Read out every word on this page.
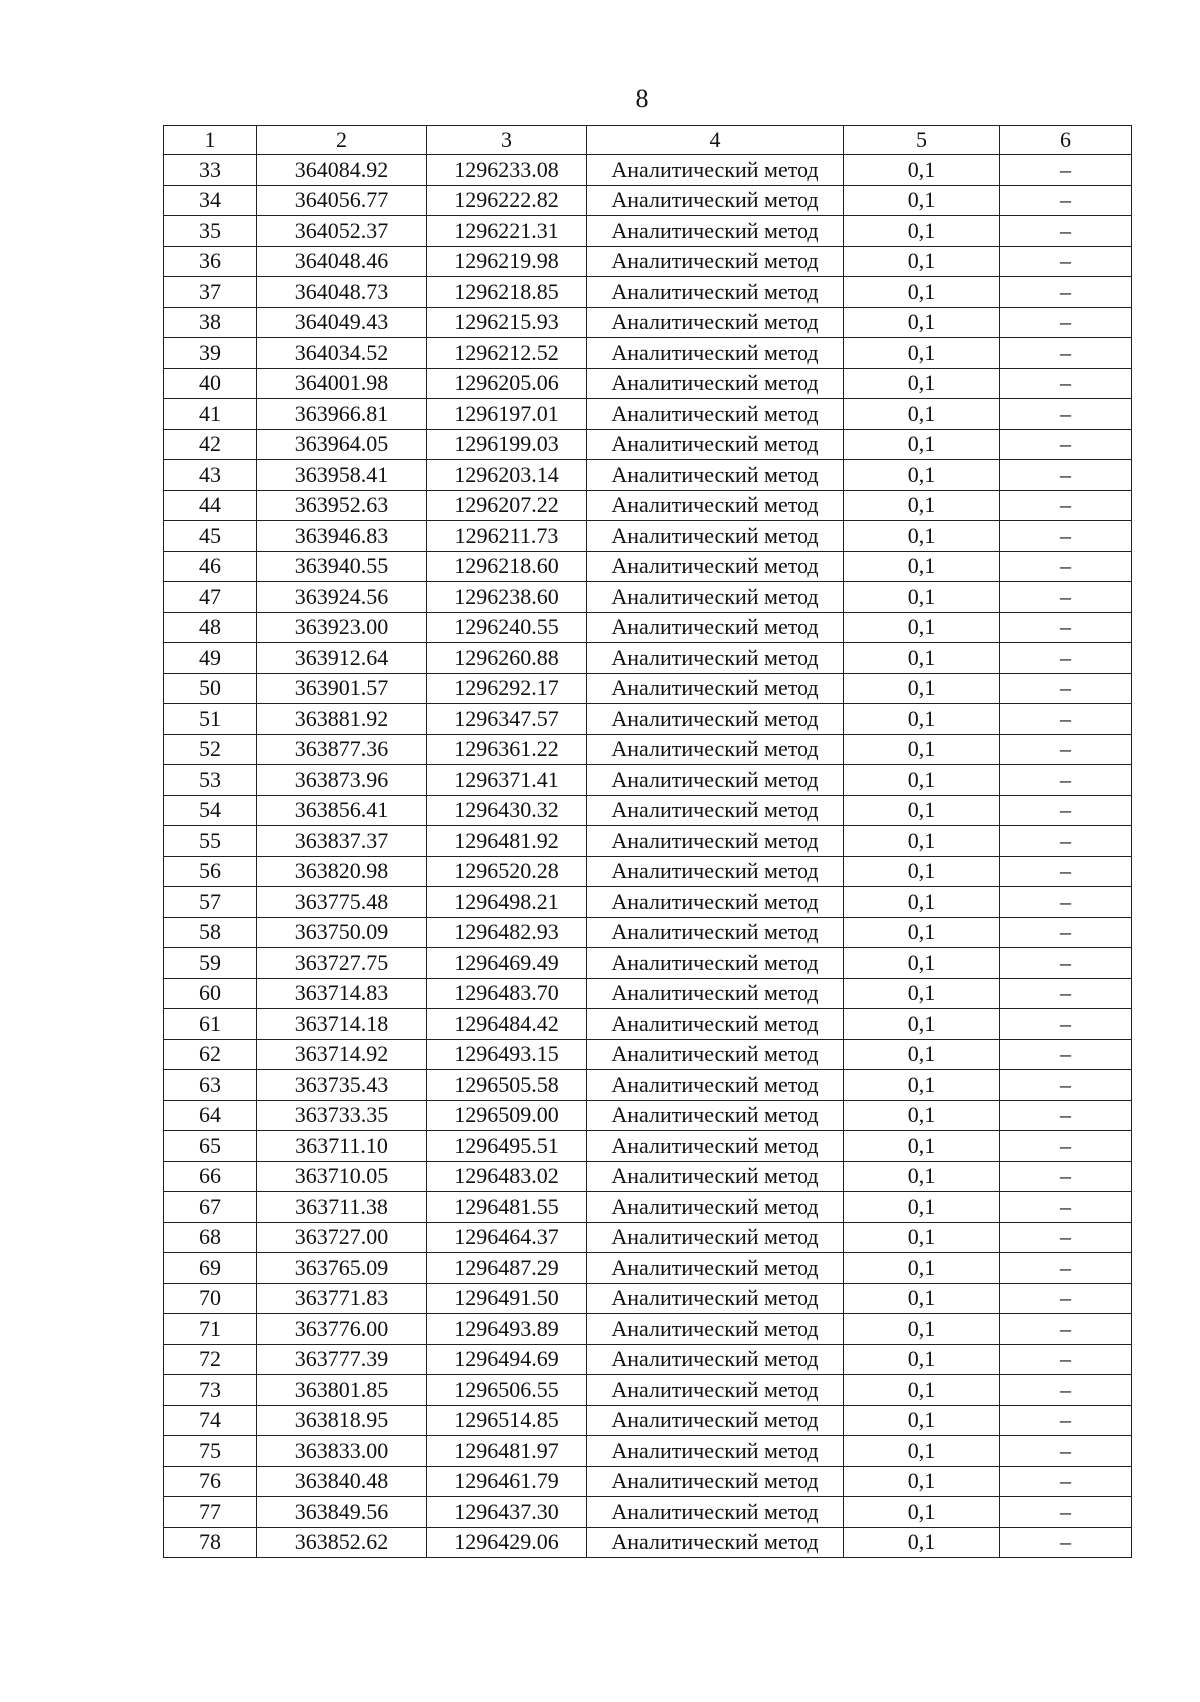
8
1	2	3	4	5	6
33	364084.92	1296233.08	Аналитический метод	0,1	–
34	364056.77	1296222.82	Аналитический метод	0,1	–
35	364052.37	1296221.31	Аналитический метод	0,1	–
36	364048.46	1296219.98	Аналитический метод	0,1	–
37	364048.73	1296218.85	Аналитический метод	0,1	–
38	364049.43	1296215.93	Аналитический метод	0,1	–
39	364034.52	1296212.52	Аналитический метод	0,1	–
40	364001.98	1296205.06	Аналитический метод	0,1	–
41	363966.81	1296197.01	Аналитический метод	0,1	–
42	363964.05	1296199.03	Аналитический метод	0,1	–
43	363958.41	1296203.14	Аналитический метод	0,1	–
44	363952.63	1296207.22	Аналитический метод	0,1	–
45	363946.83	1296211.73	Аналитический метод	0,1	–
46	363940.55	1296218.60	Аналитический метод	0,1	–
47	363924.56	1296238.60	Аналитический метод	0,1	–
48	363923.00	1296240.55	Аналитический метод	0,1	–
49	363912.64	1296260.88	Аналитический метод	0,1	–
50	363901.57	1296292.17	Аналитический метод	0,1	–
51	363881.92	1296347.57	Аналитический метод	0,1	–
52	363877.36	1296361.22	Аналитический метод	0,1	–
53	363873.96	1296371.41	Аналитический метод	0,1	–
54	363856.41	1296430.32	Аналитический метод	0,1	–
55	363837.37	1296481.92	Аналитический метод	0,1	–
56	363820.98	1296520.28	Аналитический метод	0,1	–
57	363775.48	1296498.21	Аналитический метод	0,1	–
58	363750.09	1296482.93	Аналитический метод	0,1	–
59	363727.75	1296469.49	Аналитический метод	0,1	–
60	363714.83	1296483.70	Аналитический метод	0,1	–
61	363714.18	1296484.42	Аналитический метод	0,1	–
62	363714.92	1296493.15	Аналитический метод	0,1	–
63	363735.43	1296505.58	Аналитический метод	0,1	–
64	363733.35	1296509.00	Аналитический метод	0,1	–
65	363711.10	1296495.51	Аналитический метод	0,1	–
66	363710.05	1296483.02	Аналитический метод	0,1	–
67	363711.38	1296481.55	Аналитический метод	0,1	–
68	363727.00	1296464.37	Аналитический метод	0,1	–
69	363765.09	1296487.29	Аналитический метод	0,1	–
70	363771.83	1296491.50	Аналитический метод	0,1	–
71	363776.00	1296493.89	Аналитический метод	0,1	–
72	363777.39	1296494.69	Аналитический метод	0,1	–
73	363801.85	1296506.55	Аналитический метод	0,1	–
74	363818.95	1296514.85	Аналитический метод	0,1	–
75	363833.00	1296481.97	Аналитический метод	0,1	–
76	363840.48	1296461.79	Аналитический метод	0,1	–
77	363849.56	1296437.30	Аналитический метод	0,1	–
78	363852.62	1296429.06	Аналитический метод	0,1	–
